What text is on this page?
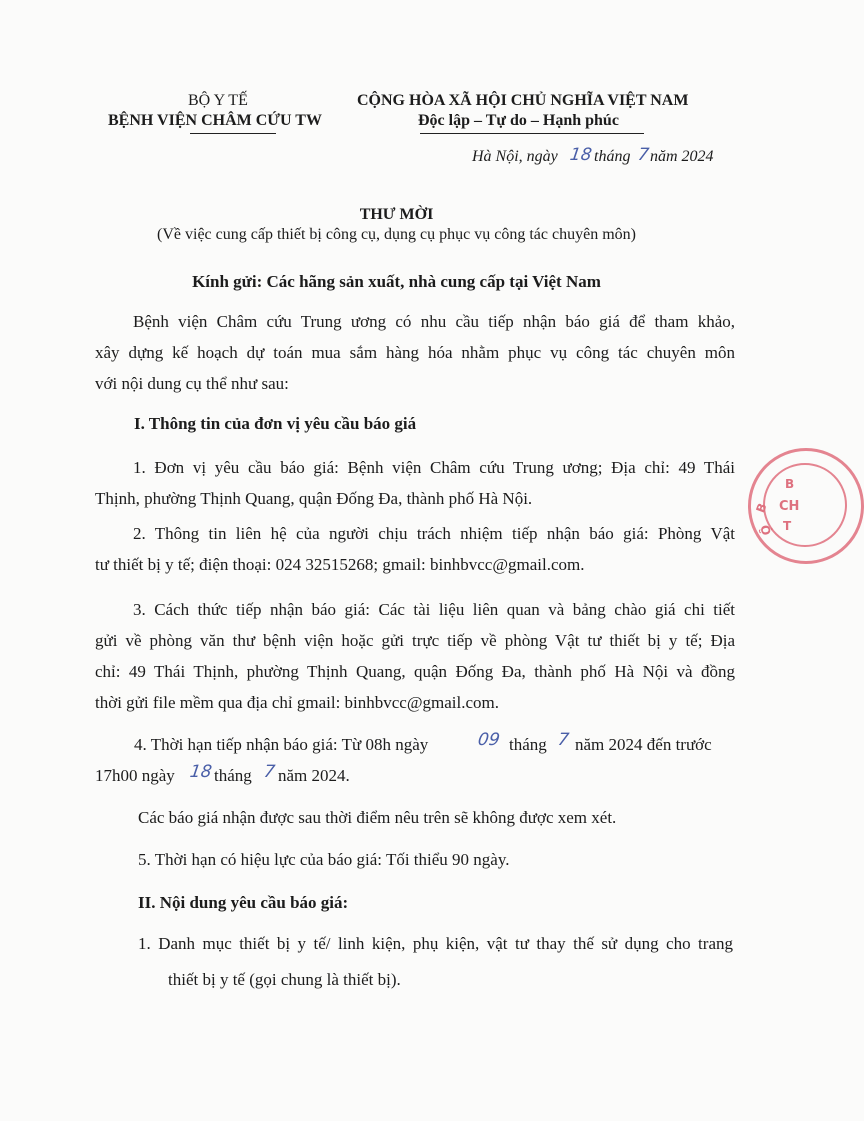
BỘ Y TẾ
BỆNH VIỆN CHÂM CỨU TW
CỘNG HÒA XÃ HỘI CHỦ NGHĨA VIỆT NAM
Độc lập – Tự do – Hạnh phúc
Hà Nội, ngày 18 tháng 7 năm 2024
THƯ MỜI
(Về việc cung cấp thiết bị công cụ, dụng cụ phục vụ công tác chuyên môn)
Kính gửi: Các hãng sản xuất, nhà cung cấp tại Việt Nam
Bệnh viện Châm cứu Trung ương có nhu cầu tiếp nhận báo giá để tham khảo,
xây dựng kế hoạch dự toán mua sắm hàng hóa nhằm phục vụ công tác chuyên môn
với nội dung cụ thể như sau:
I. Thông tin của đơn vị yêu cầu báo giá
1. Đơn vị yêu cầu báo giá: Bệnh viện Châm cứu Trung ương; Địa chỉ: 49 Thái
Thịnh, phường Thịnh Quang, quận Đống Đa, thành phố Hà Nội.
2. Thông tin liên hệ của người chịu trách nhiệm tiếp nhận báo giá: Phòng Vật
tư thiết bị y tế; điện thoại: 024 32515268; gmail: binhbvcc@gmail.com.
3. Cách thức tiếp nhận báo giá: Các tài liệu liên quan và bảng chào giá chi tiết
gửi về phòng văn thư bệnh viện hoặc gửi trực tiếp về phòng Vật tư thiết bị y tế; Địa
chỉ: 49 Thái Thịnh, phường Thịnh Quang, quận Đống Đa, thành phố Hà Nội và đồng
thời gửi file mềm qua địa chỉ gmail: binhbvcc@gmail.com.
4. Thời hạn tiếp nhận báo giá: Từ 08h ngày	09 tháng 7 năm 2024 đến trước
17h00 ngày 18 tháng 7 năm 2024.
Các báo giá nhận được sau thời điểm nêu trên sẽ không được xem xét.
5. Thời hạn có hiệu lực của báo giá: Tối thiểu 90 ngày.
II. Nội dung yêu cầu báo giá:
1. Danh mục thiết bị y tế/ linh kiện, phụ kiện, vật tư thay thế sử dụng cho trang
thiết bị y tế (gọi chung là thiết bị).
B
Ộ
B
CH
T
